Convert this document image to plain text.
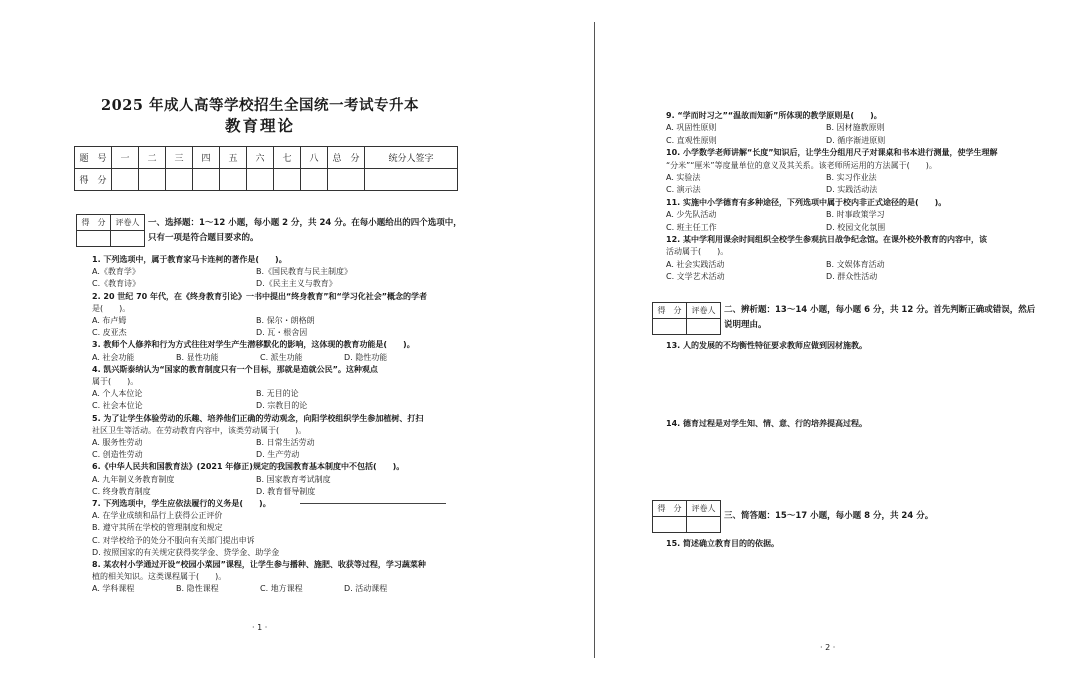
2025 年成人高等学校招生全国统一考试专升本
教育理论
题　号	一	二	三	四	五	六	七	八	总　分	统分人签字
得　分										
得　分	评卷人
	一、选择题：1～12 小题，每小题 2 分，共 24 分。在每小题给出的四个选项中，
只有一项是符合题目要求的。
1. 下列选项中，属于教育家马卡连柯的著作是(　　)。
A.《教育学》	B.《国民教育与民主制度》
C.《教育诗》	D.《民主主义与教育》
2. 20 世纪 70 年代，在《终身教育引论》一书中提出“终身教育”和“学习化社会”概念的学者
是(　　)。
A. 布卢姆	B. 保尔・朗格朗
C. 皮亚杰	D. 瓦・根舍因
3. 教师个人修养和行为方式往往对学生产生潜移默化的影响，这体现的教育功能是(　　)。
A. 社会功能	B. 显性功能	C. 派生功能	D. 隐性功能
4. 凯兴斯泰纳认为“国家的教育制度只有一个目标，那就是造就公民”。这种观点
属于(　　)。
A. 个人本位论	B. 无目的论
C. 社会本位论	D. 宗教目的论
5. 为了让学生体验劳动的乐趣、培养他们正确的劳动观念，向阳学校组织学生参加植树、打扫
社区卫生等活动。在劳动教育内容中，该类劳动属于(　　)。
A. 服务性劳动	B. 日常生活劳动
C. 创造性劳动	D. 生产劳动
6.《中华人民共和国教育法》(2021 年修正)规定的我国教育基本制度中不包括(　　)。
A. 九年制义务教育制度	B. 国家教育考试制度
C. 终身教育制度	D. 教育督导制度
7. 下列选项中，学生应依法履行的义务是(　　)。
A. 在学业成绩和品行上获得公正评价
B. 遵守其所在学校的管理制度和规定
C. 对学校给予的处分不服向有关部门提出申诉
D. 按照国家的有关规定获得奖学金、贷学金、助学金
8. 某农村小学通过开设“校园小菜园”课程，让学生参与播种、施肥、收获等过程，学习蔬菜种
植的相关知识。这类课程属于(　　)。
A. 学科课程	B. 隐性课程	C. 地方课程	D. 活动课程
· 1 ·
9. “学而时习之”“温故而知新”所体现的教学原则是(　　)。
A. 巩固性原则	B. 因材施教原则
C. 直观性原则	D. 循序渐进原则
10. 小学数学老师讲解“长度”知识后，让学生分组用尺子对课桌和书本进行测量，使学生理解
“分米”“厘米”等度量单位的意义及其关系。该老师所运用的方法属于(　　)。
A. 实验法	B. 实习作业法
C. 演示法	D. 实践活动法
11. 实施中小学德育有多种途径，下列选项中属于校内非正式途径的是(　　)。
A. 少先队活动	B. 时事政策学习
C. 班主任工作	D. 校园文化氛围
12. 某中学利用课余时间组织全校学生参观抗日战争纪念馆。在课外校外教育的内容中，该
活动属于(　　)。
A. 社会实践活动	B. 文娱体育活动
C. 文学艺术活动	D. 群众性活动
得　分	评卷人
	二、辨析题：13～14 小题，每小题 6 分，共 12 分。首先判断正确或错误，然后
说明理由。
13. 人的发展的不均衡性特征要求教师应做到因材施教。
14. 德育过程是对学生知、情、意、行的培养提高过程。
得　分	评卷人

三、简答题：15～17 小题，每小题 8 分，共 24 分。
15. 简述确立教育目的的依据。
· 2 ·
